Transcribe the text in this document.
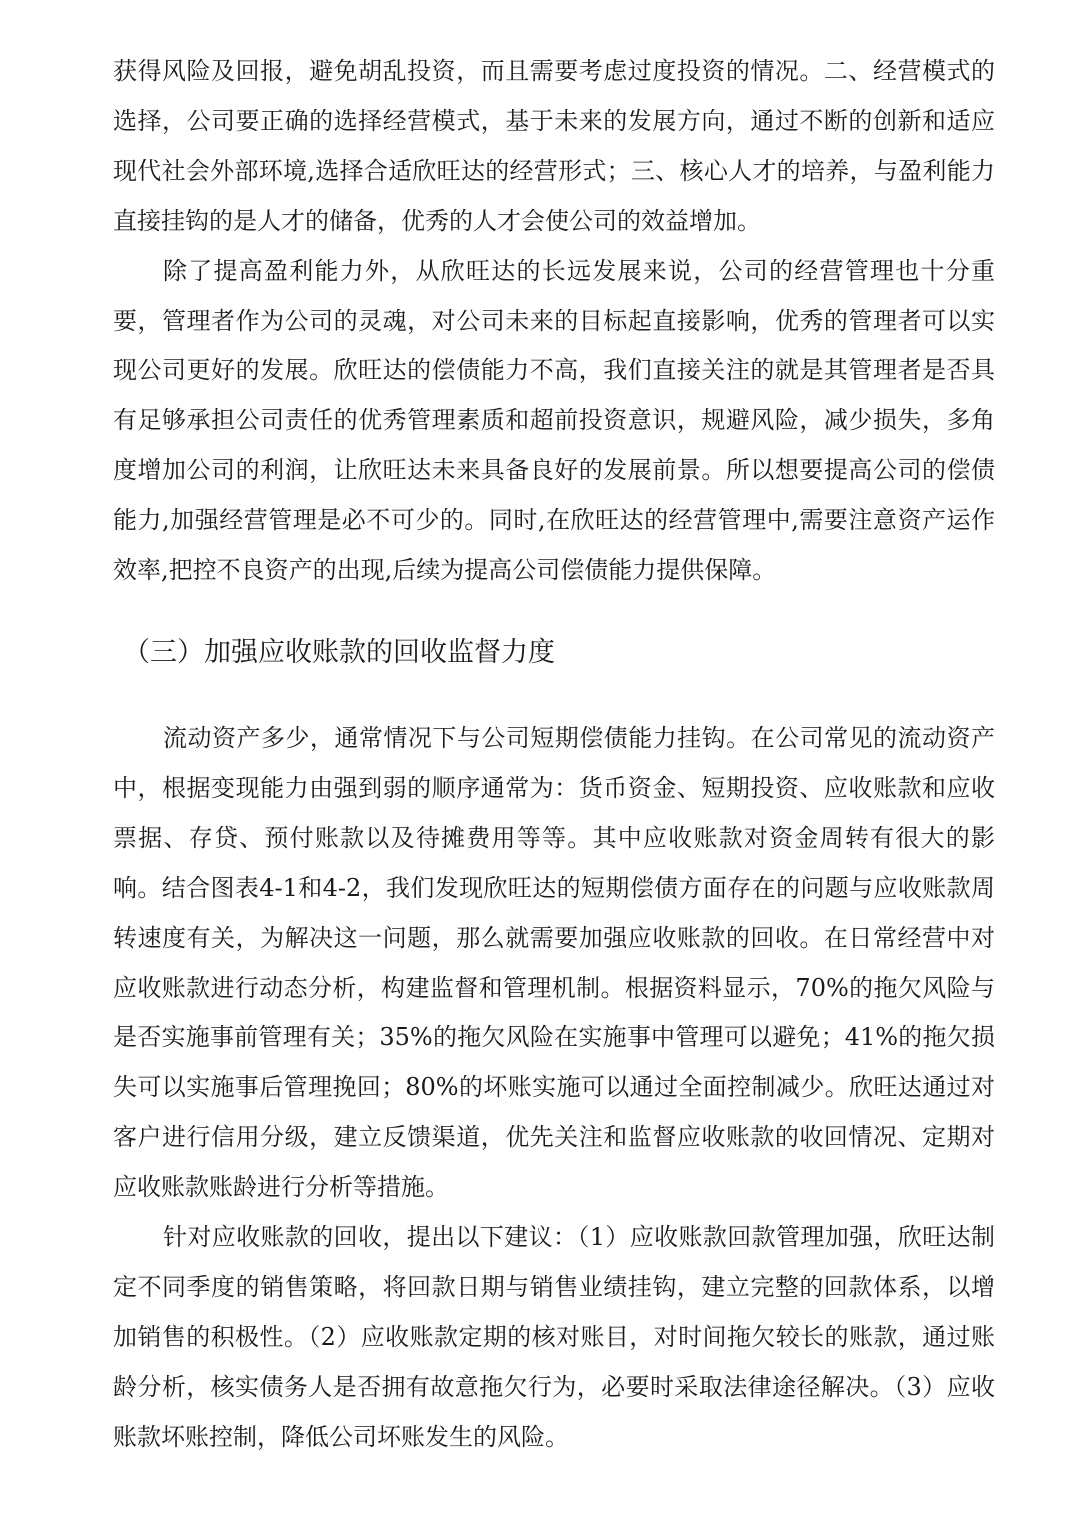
获得风险及回报，避免胡乱投资，而且需要考虑过度投资的情况。二、经营模式的选择，公司要正确的选择经营模式，基于未来的发展方向，通过不断的创新和适应现代社会外部环境,选择合适欣旺达的经营形式；三、核心人才的培养，与盈利能力直接挂钩的是人才的储备，优秀的人才会使公司的效益增加。

除了提高盈利能力外，从欣旺达的长远发展来说，公司的经营管理也十分重要，管理者作为公司的灵魂，对公司未来的目标起直接影响，优秀的管理者可以实现公司更好的发展。欣旺达的偿债能力不高，我们直接关注的就是其管理者是否具有足够承担公司责任的优秀管理素质和超前投资意识，规避风险，减少损失，多角度增加公司的利润，让欣旺达未来具备良好的发展前景。所以想要提高公司的偿债能力,加强经营管理是必不可少的。同时,在欣旺达的经营管理中,需要注意资产运作效率,把控不良资产的出现,后续为提高公司偿债能力提供保障。

（三）加强应收账款的回收监督力度

流动资产多少，通常情况下与公司短期偿债能力挂钩。在公司常见的流动资产中，根据变现能力由强到弱的顺序通常为：货币资金、短期投资、应收账款和应收票据、存贷、预付账款以及待摊费用等等。其中应收账款对资金周转有很大的影响。结合图表4-1和4-2，我们发现欣旺达的短期偿债方面存在的问题与应收账款周转速度有关，为解决这一问题，那么就需要加强应收账款的回收。在日常经营中对应收账款进行动态分析，构建监督和管理机制。根据资料显示，70%的拖欠风险与是否实施事前管理有关；35%的拖欠风险在实施事中管理可以避免；41%的拖欠损失可以实施事后管理挽回；80%的坏账实施可以通过全面控制减少。欣旺达通过对客户进行信用分级，建立反馈渠道，优先关注和监督应收账款的收回情况、定期对应收账款账龄进行分析等措施。

针对应收账款的回收，提出以下建议：（1）应收账款回款管理加强，欣旺达制定不同季度的销售策略，将回款日期与销售业绩挂钩，建立完整的回款体系，以增加销售的积极性。（2）应收账款定期的核对账目，对时间拖欠较长的账款，通过账龄分析，核实债务人是否拥有故意拖欠行为，必要时采取法律途径解决。（3）应收账款坏账控制，降低公司坏账发生的风险。
